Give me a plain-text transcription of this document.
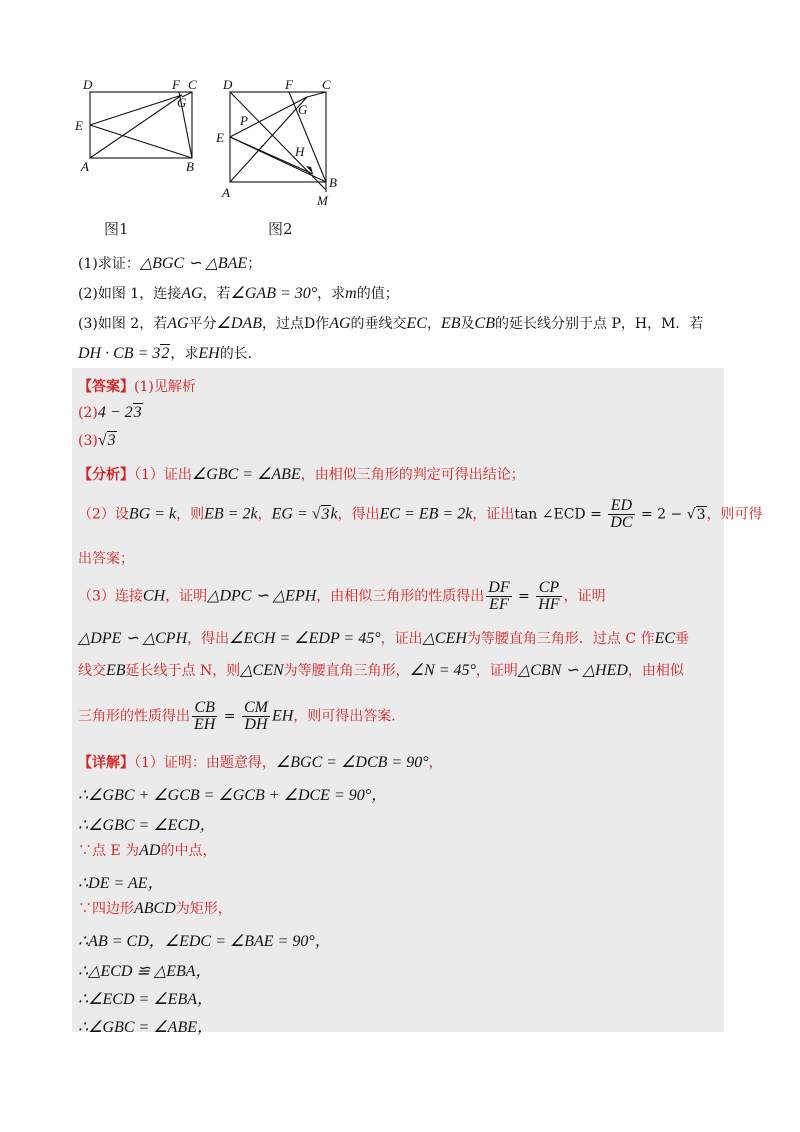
D	F C
G
E
A	B
D	F C
G
P
E
H
A
B
M
图1	图2
(1)求证：△BGC ∽ △BAE；
(2)如图 1，连接AG，若∠GAB = 30°，求m的值；
(3)如图 2，若AG平分∠DAB，过点D作AG的垂线交EC，EB及CB的延长线分别于点 P，H，M．若
DH · CB = 32，求EH的长．
【答案】(1)见解析
(2)4 − 23
(3)√3
【分析】（1）证出∠GBC = ∠ABE，由相似三角形的判定可得出结论；
（2）设BG = k，则EB = 2k，EG = √3k，得出EC = EB = 2k，证出tan ∠ECD = $\frac{ED}{DC} = 2 - √3$，则可得
出答案；
（3）连接CH，证明△DPC ∽ △EPH，由相似三角形的性质得出 $\frac{DF}{EF} = \frac{CP}{HF}$ ，证明
△DPE ∽ △CPH，得出∠ECH = ∠EDP = 45°，证出△CEH为等腰直角三角形．过点 C 作EC垂
线交EB延长线于点 N，则△CEN为等腰直角三角形，∠N = 45°，证明△CBN ∽ △HED，由相似
三角形的性质得出 $\frac{CB}{EH} = \frac{CM}{DH}$ EH，则可得出答案．
【详解】（1）证明：由题意得，∠BGC = ∠DCB = 90°，
∴∠GBC + ∠GCB = ∠GCB + ∠DCE = 90°，
∴∠GBC = ∠ECD，
∵点 E 为AD的中点，
∴DE = AE，
∵四边形ABCD为矩形，
∴AB = CD，∠EDC = ∠BAE = 90°，
∴△ECD ≌ △EBA，
∴∠ECD = ∠EBA，
∴∠GBC = ∠ABE，
